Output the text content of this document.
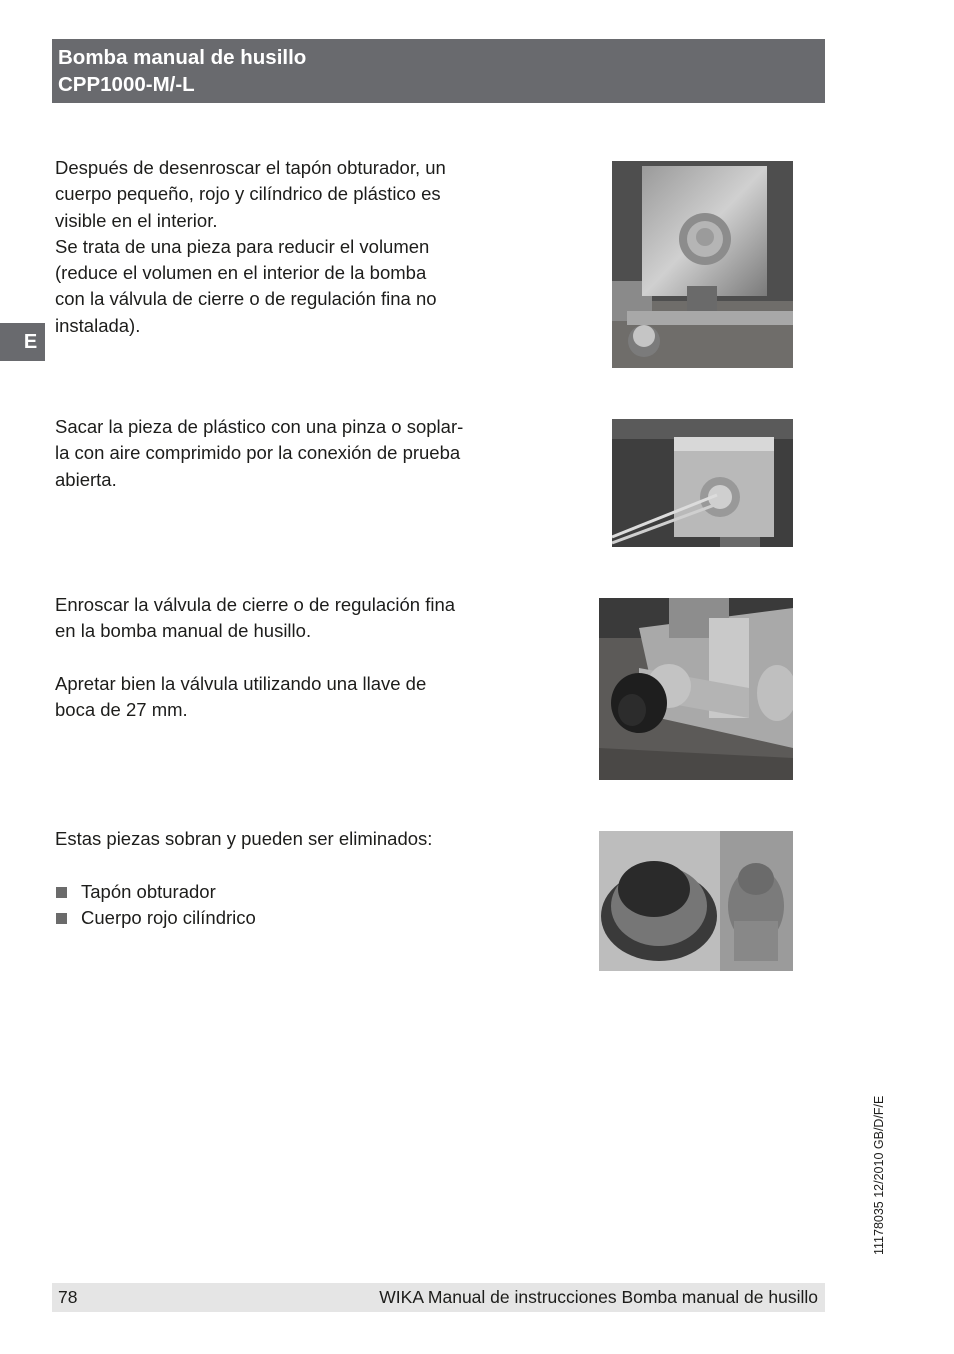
Bomba manual de husillo
CPP1000-M/-L
E

Después de desenroscar el tapón obturador, un

cuerpo pequeño, rojo y cilíndrico de plástico es

visible en el interior.

Se trata de una pieza para reducir el volumen

(reduce el volumen en el interior de la bomba

con la válvula de cierre o de regulación fina no

instalada).

Sacar la pieza de plástico con una pinza o soplar-

la con aire comprimido por la conexión de prueba

abierta.

Enroscar la válvula de cierre o de regulación fina

en la bomba manual de husillo.

Apretar bien la válvula utilizando una llave de

boca de 27 mm.

Estas piezas sobran y pueden ser eliminados:

Tapón obturador
Cuerpo rojo cilíndrico
11178035 12/2010 GB/D/F/E
78	WIKA Manual de instrucciones Bomba manual de husillo
